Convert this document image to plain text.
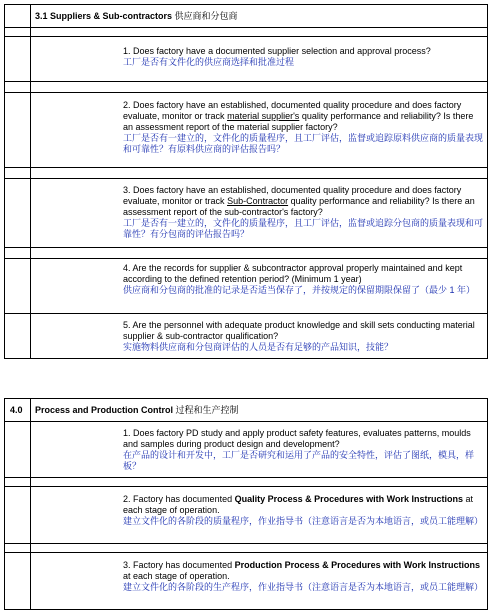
	3.1 Suppliers & Sub-contractors 供应商和分包商

	1. Does factory have a documented supplier selection and approval process?
工厂是否有文件化的供应商选择和批准过程

	2. Does factory have an established, documented quality procedure and does factory evaluate, monitor or track material supplier's quality performance and reliability? Is there an assessment report of the material supplier factory?
工厂是否有一建立的，文件化的质量程序，且工厂评估，监督或追踪原料供应商的质量表现和可靠性？有原料供应商的评估报告吗？

	3. Does factory have an established, documented quality procedure and does factory evaluate, monitor or track Sub-Contractor quality performance and reliability? Is there an assessment report of the sub-contractor's factory?
工厂是否有一建立的，文件化的质量程序，且工厂评估，监督或追踪分包商的质量表现和可靠性？有分包商的评估报告吗？

	4. Are the records for supplier & subcontractor approval properly maintained and kept according to the defined retention period? (Minimum 1 year)
供应商和分包商的批准的记录是否适当保存了，并按规定的保留期限保留了（最少 1 年）

	5. Are the personnel with adequate product knowledge and skill sets conducting material supplier & sub-contractor qualification?
实施物料供应商和分包商评估的人员是否有足够的产品知识，技能？
4.0	Process and Production Control 过程和生产控制

	1. Does factory PD study and apply product safety features, evaluates patterns, moulds and samples during product design and development?
在产品的设计和开发中，工厂是否研究和运用了产品的安全特性，评估了图纸，模具，样板？

	2. Factory has documented Quality Process & Procedures with Work Instructions at each stage of operation.
建立文件化的各阶段的质量程序，作业指导书（注意语言是否为本地语言，或员工能理解）

	3. Factory has documented Production Process & Procedures with Work Instructions at each stage of operation.
建立文件化的各阶段的生产程序，作业指导书（注意语言是否为本地语言，或员工能理解）
